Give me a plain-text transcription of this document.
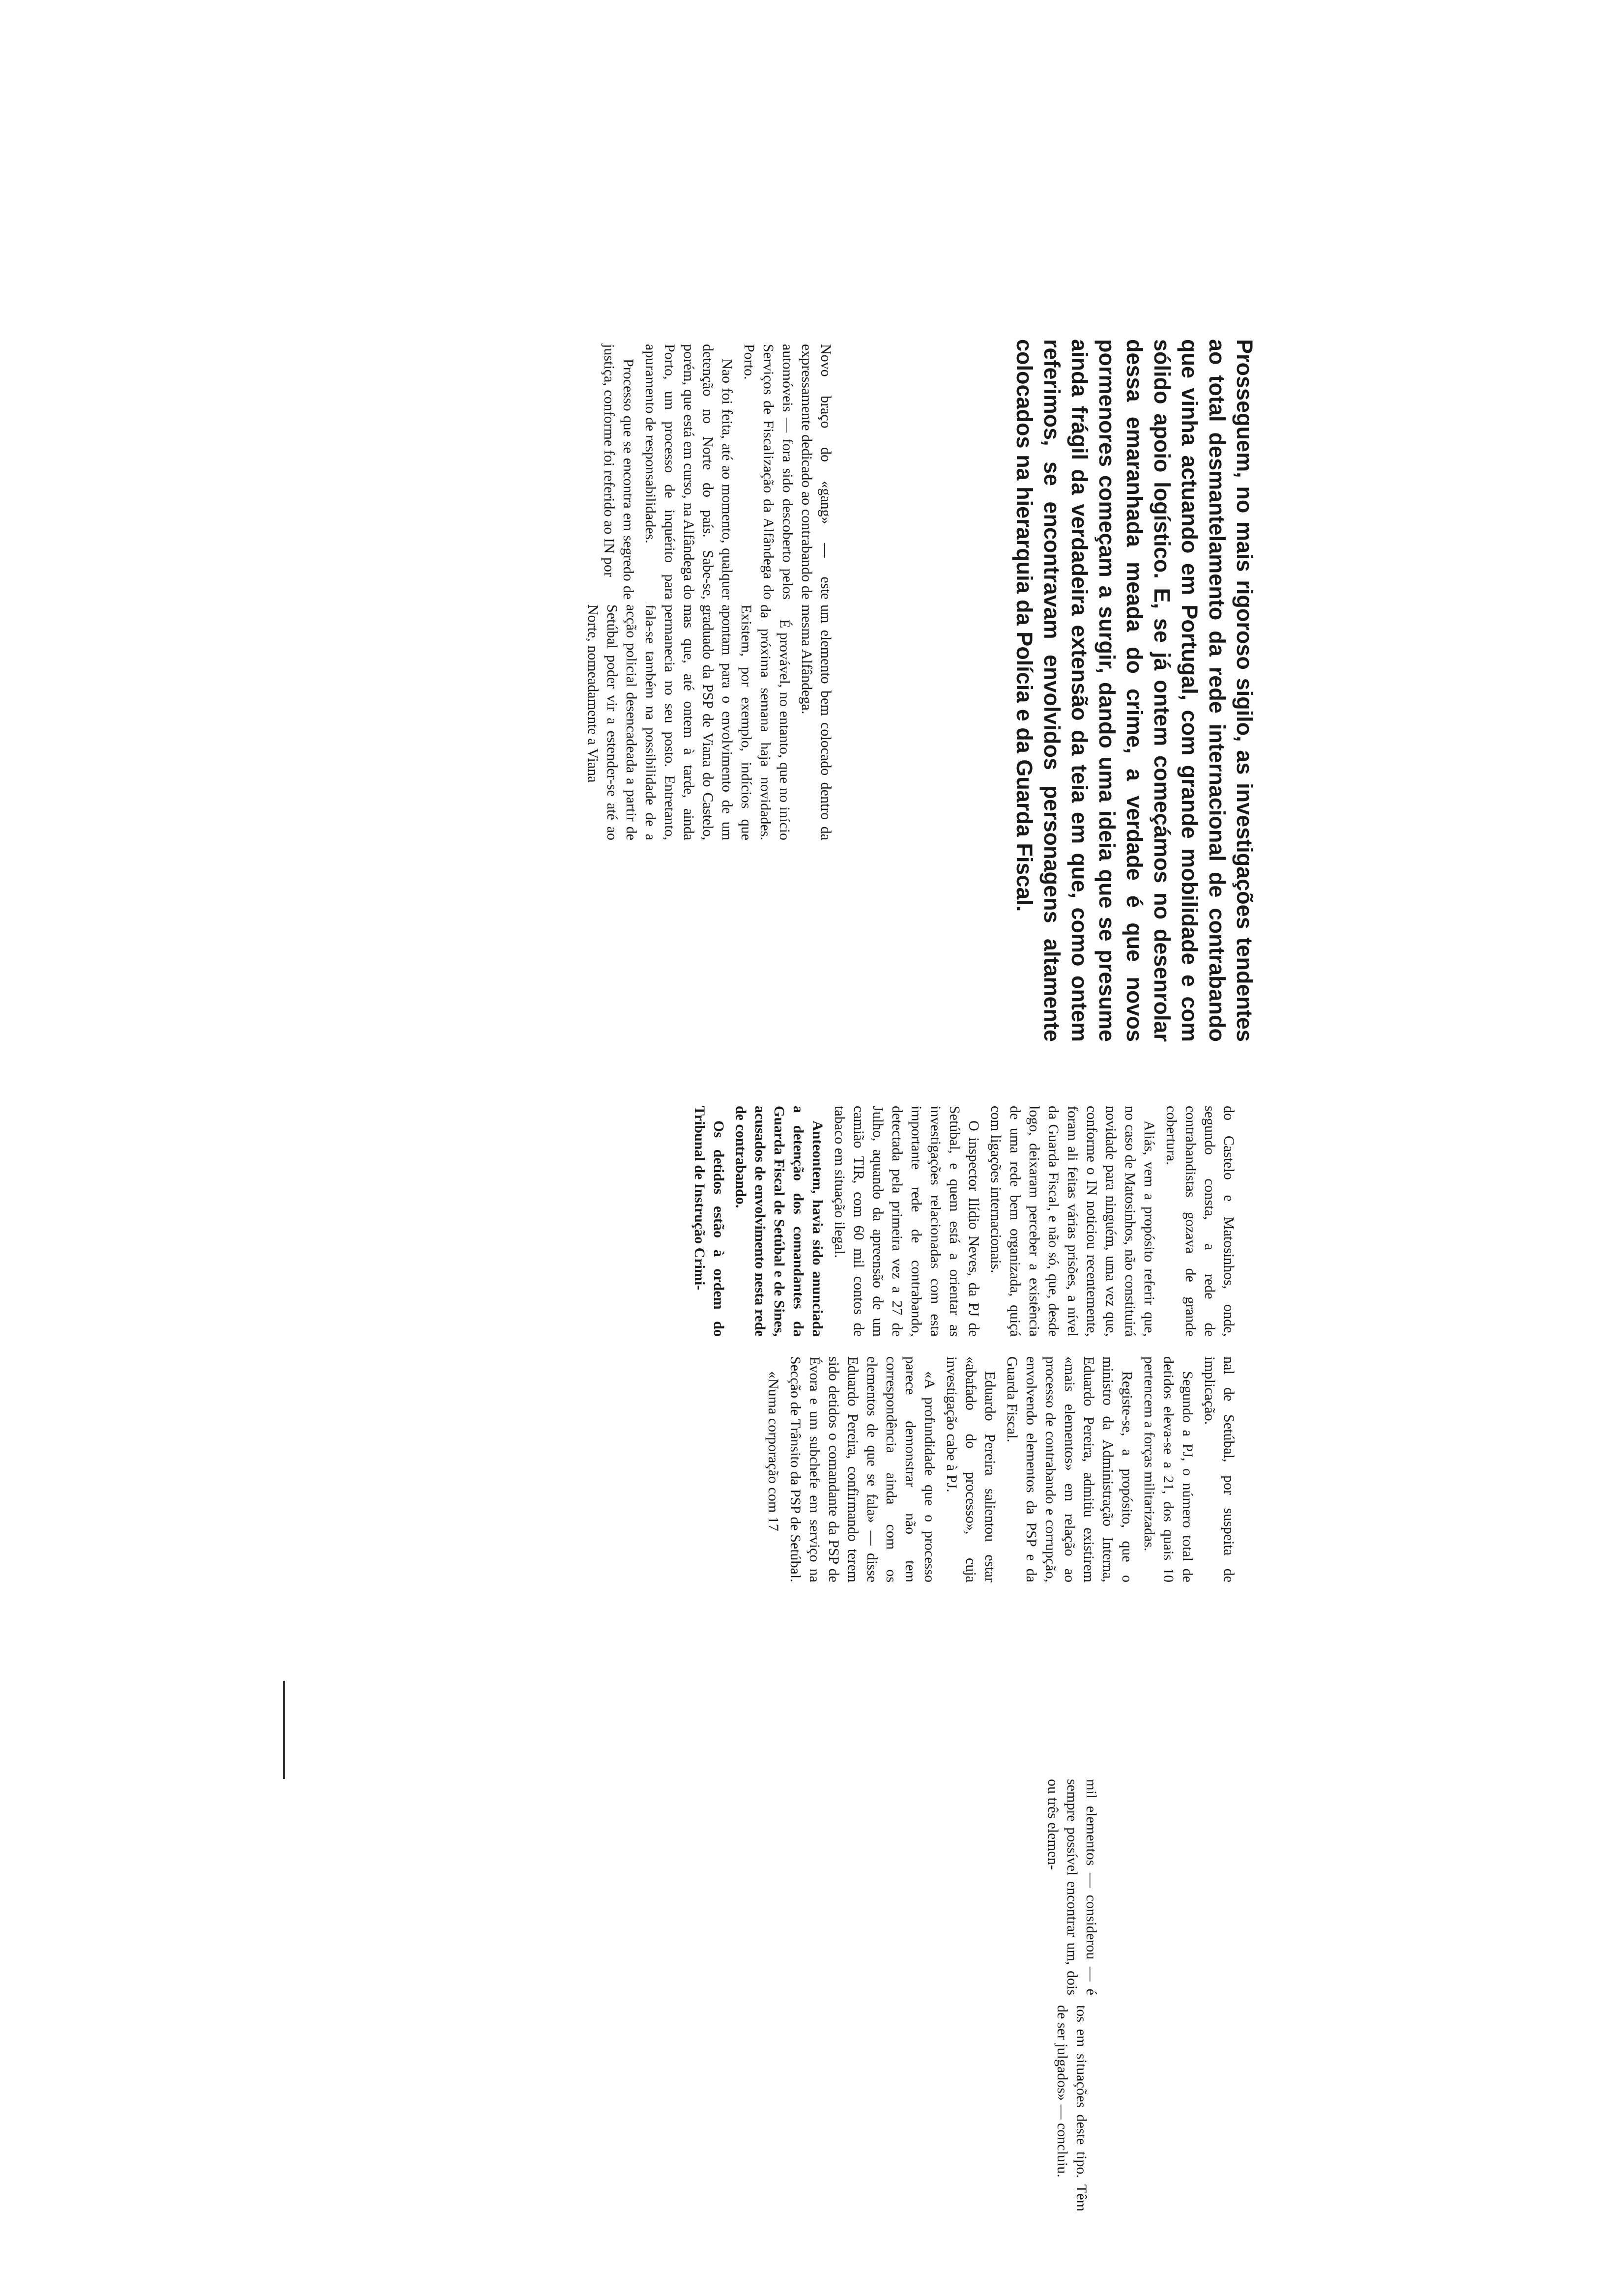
Prosseguem, no mais rigoroso sigilo, as investigações tendentes ao total desmantelamento da rede internacional de contrabando que vinha actuando em Portugal, com grande mobilidade e com sólido apoio logístico. E, se já ontem começámos no desenrolar dessa emaranhada meada do crime, a verdade é que novos pormenores começam a surgir, dando uma ideia que se presume ainda frágil da verdadeira extensão da teia em que, como ontem referimos, se encontravam envolvidos personagens altamente colocados na hierarquia da Polícia e da Guarda Fiscal.

Novo braço do «gang» — este expressamente dedicado ao contrabando de automóveis — fora sido descoberto pelos Serviços de Fiscalização da Alfândega do Porto.

Nao foi feita, até ao momento, qualquer detenção no Norte do país. Sabe-se, porém, que está em curso, na Alfândega do Porto, um processo de inquérito para apuramento de responsabilidades.

Processo que se encontra em segredo de justiça, conforme foi referido ao IN por

um elemento bem colocado dentro da mesma Alfândega.

É provável, no entanto, que no início da próxima semana haja novidades. Existem, por exemplo, indícios que apontam para o envolvimento de um graduado da PSP de Viana do Castelo, mas que, até ontem à tarde, ainda permanecia no seu posto. Entretanto, fala-se também na possibilidade de a acção policial desencadeada a partir de Setúbal poder vir a estender-se até ao Norte, nomeadamente a Viana

do Castelo e Matosinhos, onde, segundo consta, a rede de contrabandistas gozava de grande cobertura.

Aliás, vem a propósito referir que, no caso de Matosinhos, não constituirá novidade para ninguém, uma vez que, conforme o IN noticiou recentemente, foram ali feitas várias prisões, a nível da Guarda Fiscal, e não só, que, desde logo, deixaram perceber a existência de uma rede bem organizada, quiçá com ligações internacionais.

O inspector Ilídio Neves, da PJ de Setúbal, e quem está a orientar as investigações relacionadas com esta importante rede de contrabando, detectada pela primeira vez a 27 de Julho, aquando da apreensão de um camião TIR, com 60 mil contos de tabaco em situação ilegal.

Anteontem, havia sido anunciada a detenção dos comandantes da Guarda Fiscal de Setúbal e de Sines, acusados de envolvimento nesta rede de contrabando.

Os detidos estão à ordem do Tribunal de Instrução Crimi-

nal de Setúbal, por suspeita de implicação.

Segundo a PJ, o número total de detidos eleva-se a 21, dos quais 10 pertencem a forças militarizadas.

Registe-se, a propósito, que o ministro da Administração Interna, Eduardo Pereira, admitiu existirem «mais elementos» em relação ao processo de contrabando e corrupção, envolvendo elementos da PSP e da Guarda Fiscal.

Eduardo Pereira salientou estar «abafado do processo», cuja investigação cabe à PJ.

«A profundidade que o processo parece demonstrar não tem correspondência ainda com os elementos de que se fala» — disse Eduardo Pereira, confirmando terem sido detidos o comandante da PSP de Évora e um subchefe em serviço na Secção de Trânsito da PSP de Setúbal.

«Numa corporação com 17

mil elementos — considerou — é sempre possível encontrar um, dois ou três elemen-

tos em situações deste tipo. Têm de ser julgados» — concluiu.
